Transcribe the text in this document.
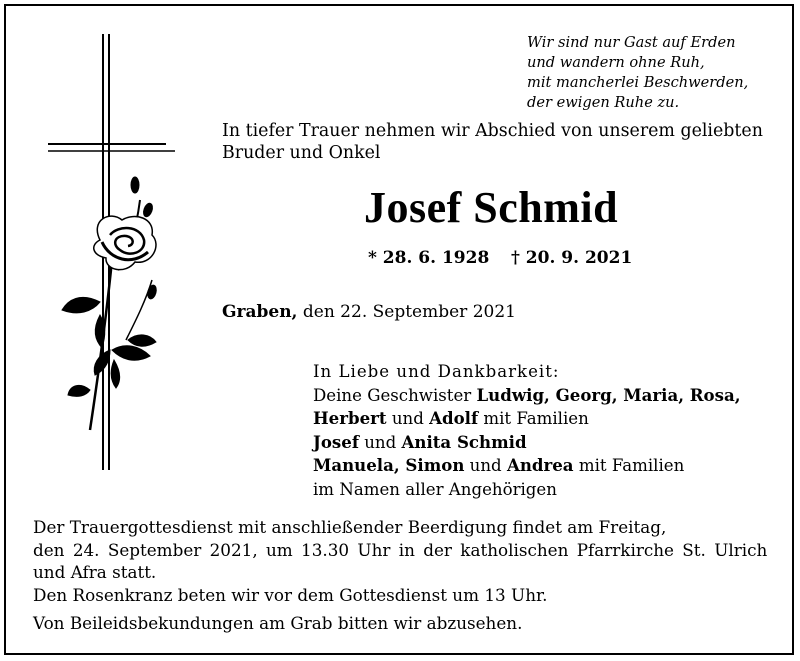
Wir sind nur Gast auf Erden
und wandern ohne Ruh,
mit mancherlei Beschwerden,
der ewigen Ruhe zu.
In tiefer Trauer nehmen wir Abschied von unserem geliebten
Bruder und Onkel
Josef Schmid
* 28. 6. 1928 † 20. 9. 2021
Graben, den 22. September 2021
In Liebe und Dankbarkeit:
Deine Geschwister Ludwig, Georg, Maria, Rosa,
Herbert und Adolf mit Familien
Josef und Anita Schmid
Manuela, Simon und Andrea mit Familien
im Namen aller Angehörigen
Der Trauergottesdienst mit anschließender Beerdigung findet am Freitag,
den 24. September 2021, um 13.30 Uhr in der katholischen Pfarrkirche St. Ulrich
und Afra statt.
Den Rosenkranz beten wir vor dem Gottesdienst um 13 Uhr.
Von Beileidsbekundungen am Grab bitten wir abzusehen.
